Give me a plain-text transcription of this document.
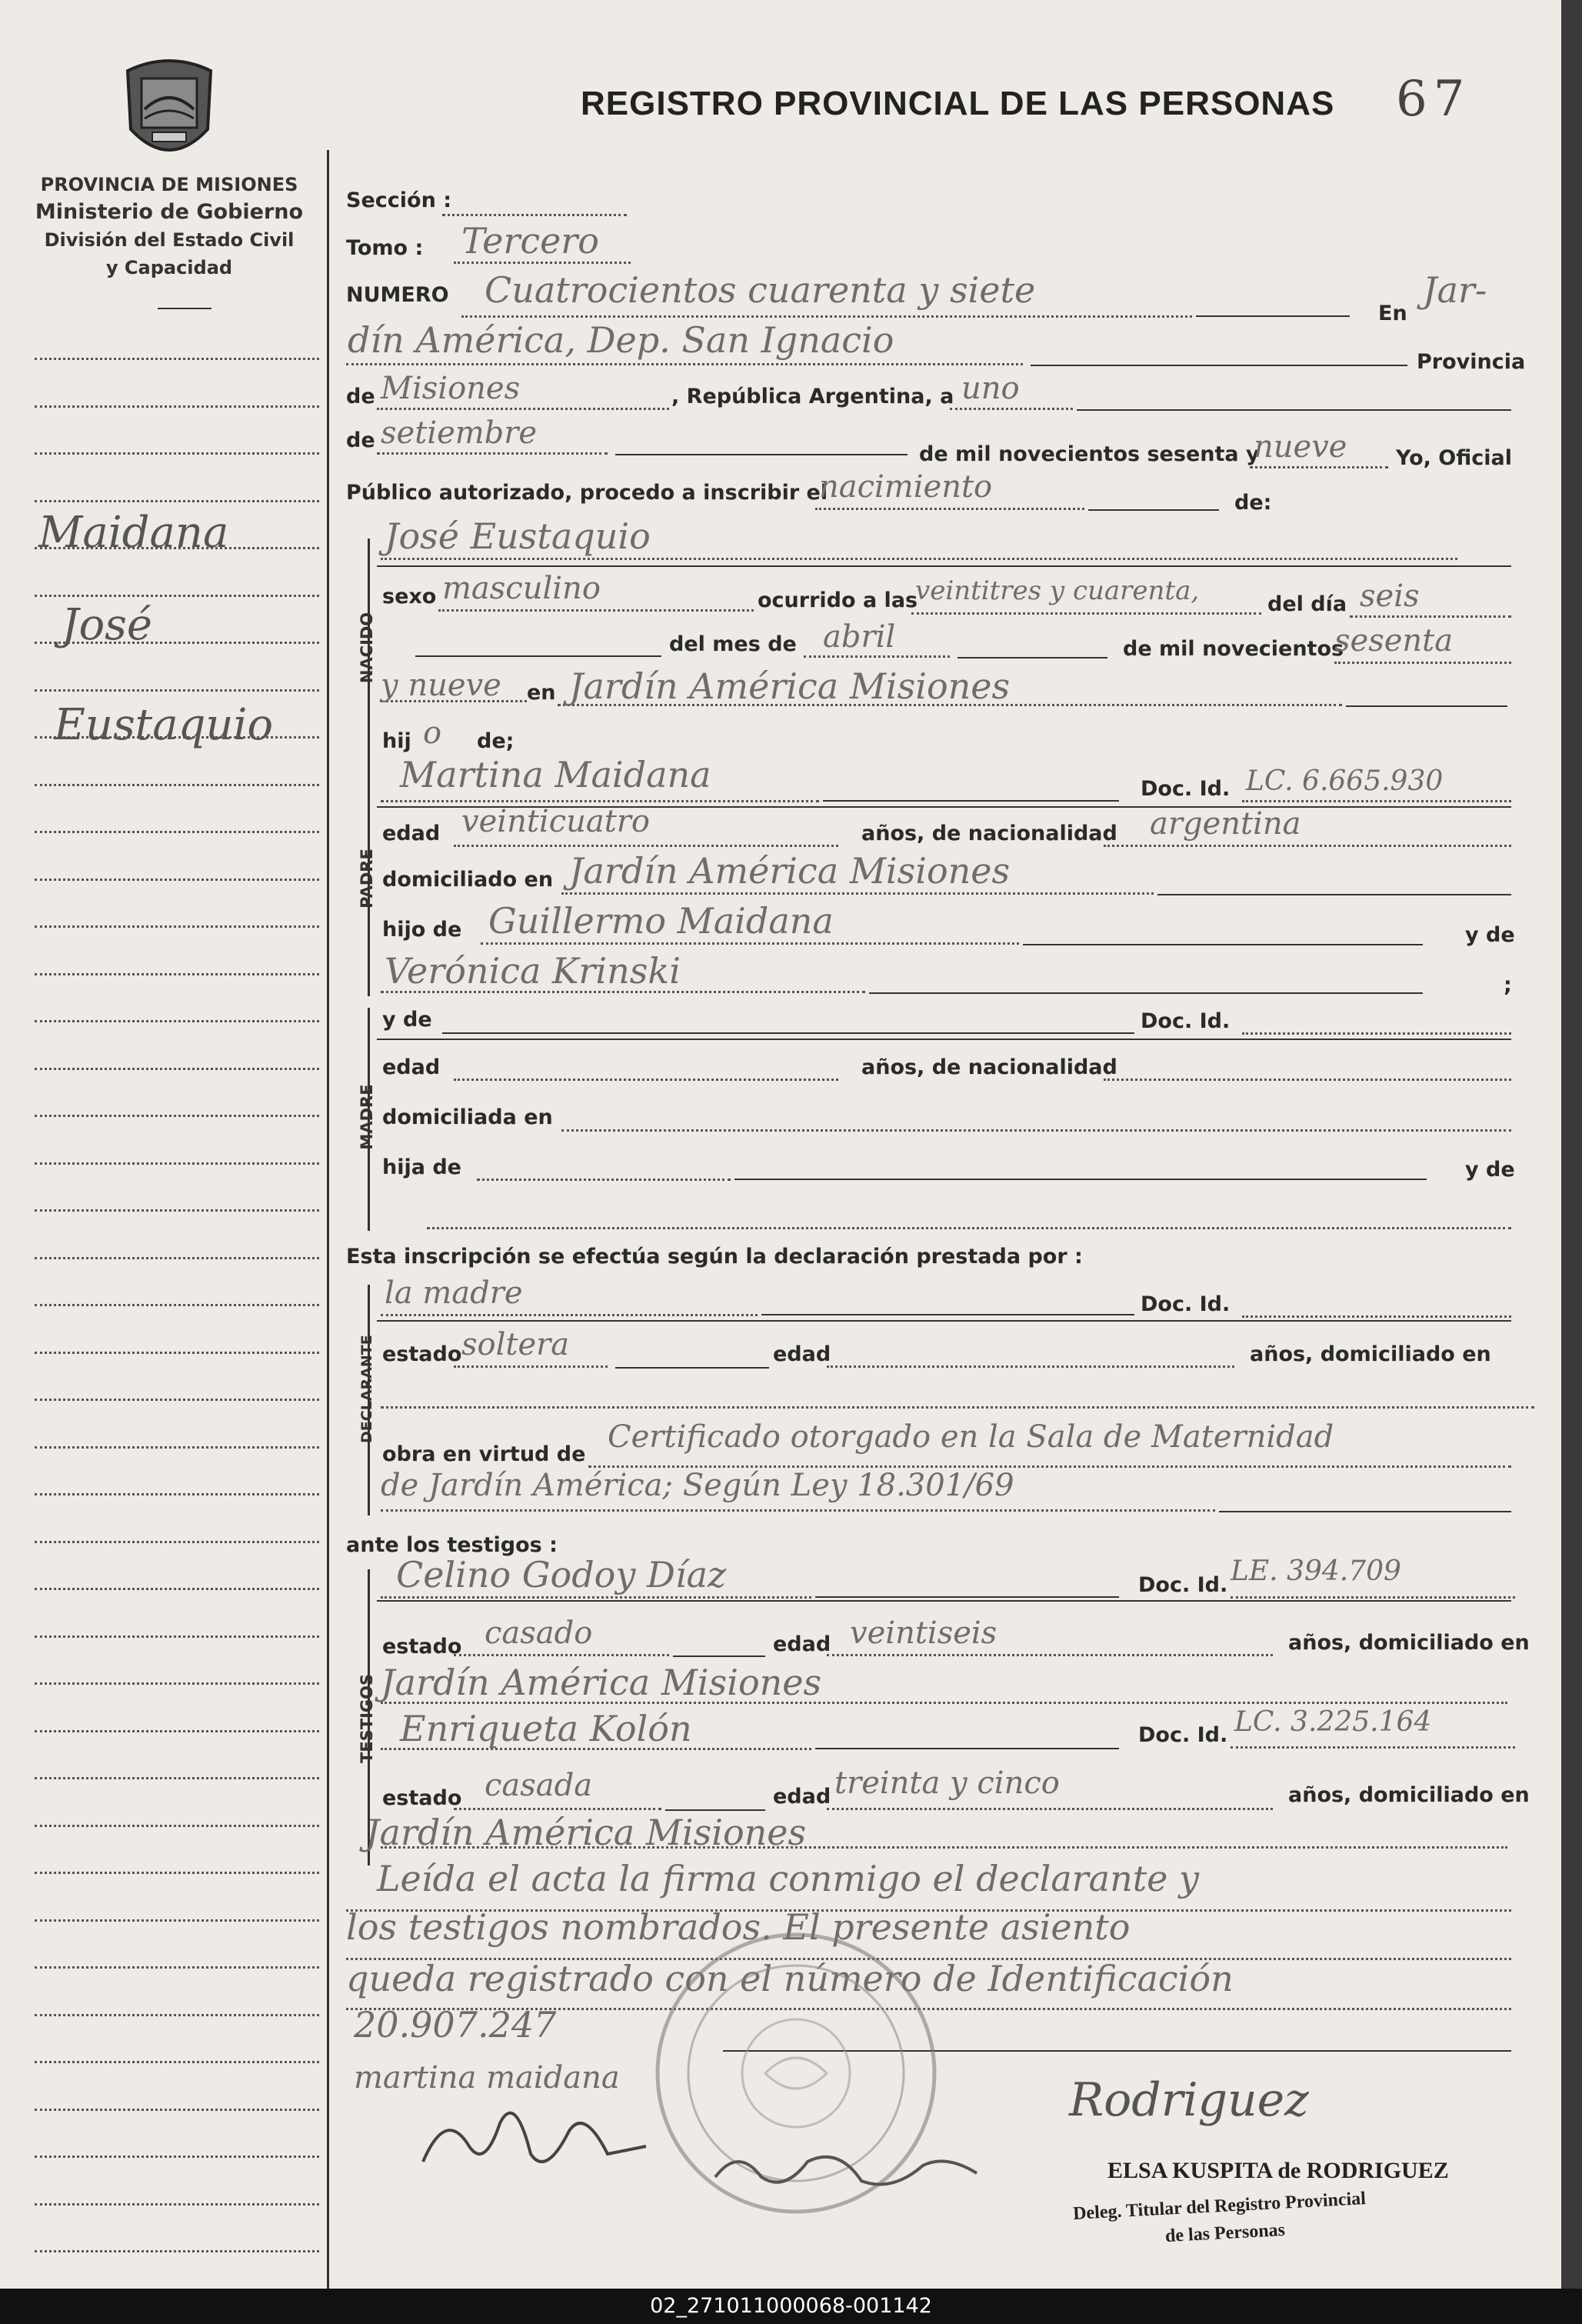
PROVINCIA DE MISIONES
Ministerio de Gobierno
División del Estado Civil
y Capacidad
REGISTRO PROVINCIAL DE LAS PERSONAS 67
Maidana
José
Eustaquio
Sección :
Tomo : Tercero
NUMERO Cuatrocientos cuarenta y siete
En
Jar-
dín América, Dep. San Ignacio
Provincia
de Misiones	, República Argentina, a uno
de setiembre
de mil novecientos sesenta y
nueve Yo, Oficial
Público autorizado, procedo a inscribir el
nacimiento	de:
NACIDO
José Eustaquio
sexo masculino	ocurrido a las
veintitres y cuarenta,	del día seis
del mes de abril	de mil novecientos
sesenta
y nueve en Jardín América Misiones
hij o de;
PADRE
Martina Maidana	Doc. Id. LC. 6.665.930
edad veinticuatro	años, de nacionalidad argentina
domiciliado en Jardín América Misiones
hijo de Guillermo Maidana	y de
Verónica Krinski	;
MADRE
y de	Doc. Id.
edad	años, de nacionalidad
domiciliada en
hija de	y de
Esta inscripción se efectúa según la declaración prestada por :
DECLARANTE
la madre	Doc. Id.
estado soltera	edad	años, domiciliado en
obra en virtud de Certificado otorgado en la Sala de Maternidad
de Jardín América; Según Ley 18.301/69
ante los testigos :
TESTIGOS
Celino Godoy Díaz	Doc. Id. LE. 394.709
estado casado	edad veintiseis	años, domiciliado en
Jardín América Misiones
Enriqueta Kolón	Doc. Id. LC. 3.225.164
estado casada	edad treinta y cinco	años, domiciliado en
Jardín América Misiones
Leída el acta la firma conmigo el declarante y
los testigos nombrados. El presente asiento
queda registrado con el número de Identificación
20.907.247
martina maidana	Rodriguez
ELSA KUSPITA de RODRIGUEZ
Deleg. Titular del Registro Provincial
de las Personas
02_271011000068-001142
